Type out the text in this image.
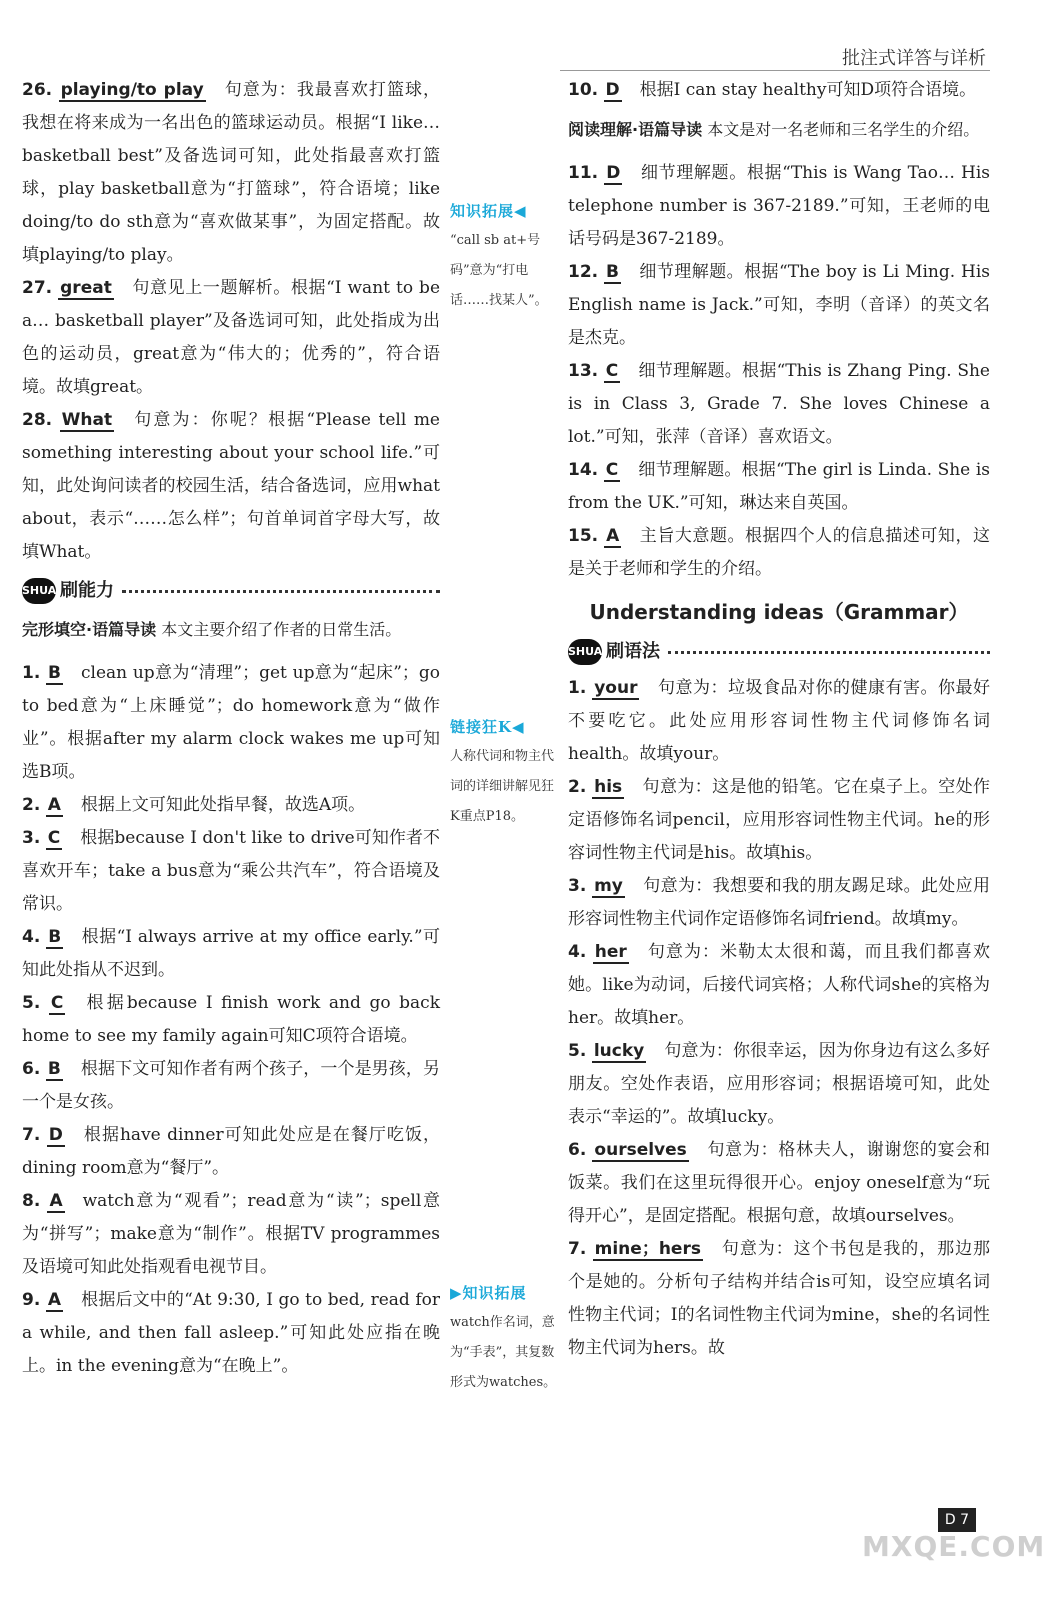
批注式详答与详析

26. playing/to play 句意为：我最喜欢打篮球，我想在将来成为一名出色的篮球运动员。根据“I like… basketball best”及备选词可知，此处指最喜欢打篮球，play basketball意为“打篮球”，符合语境；like doing/to do sth意为“喜欢做某事”，为固定搭配。故填playing/to play。

27. great 句意见上一题解析。根据“I want to be a… basketball player”及备选词可知，此处指成为出色的运动员，great意为“伟大的；优秀的”，符合语境。故填great。

28. What 句意为：你呢？根据“Please tell me something interesting about your school life.”可知，此处询问读者的校园生活，结合备选词，应用what about，表示“……怎么样”；句首单词首字母大写，故填What。

SHUA 刷能力
完形填空·语篇导读 本文主要介绍了作者的日常生活。

1. B clean up意为“清理”；get up意为“起床”；go to bed意为“上床睡觉”；do homework意为“做作业”。根据after my alarm clock wakes me up可知选B项。

2. A 根据上文可知此处指早餐，故选A项。

3. C 根据because I don't like to drive可知作者不喜欢开车；take a bus意为“乘公共汽车”，符合语境及常识。

4. B 根据“I always arrive at my office early.”可知此处指从不迟到。

5. C 根据because I finish work and go back home to see my family again可知C项符合语境。

6. B 根据下文可知作者有两个孩子，一个是男孩，另一个是女孩。

7. D 根据have dinner可知此处应是在餐厅吃饭，dining room意为“餐厅”。

8. A watch意为“观看”；read意为“读”；spell意为“拼写”；make意为“制作”。根据TV programmes及语境可知此处指观看电视节目。

9. A 根据后文中的“At 9:30, I go to bed, read for a while, and then fall asleep.”可知此处应指在晚上。in the evening意为“在晚上”。

知识拓展◀
“call sb at+号码”意为“打电话……找某人”。
链接狂K◀
人称代词和物主代词的详细讲解见狂K重点P18。
▶知识拓展
watch作名词，意为“手表”，其复数形式为watches。

10. D 根据I can stay healthy可知D项符合语境。

阅读理解·语篇导读 本文是对一名老师和三名学生的介绍。

11. D 细节理解题。根据“This is Wang Tao… His telephone number is 367-2189.”可知，王老师的电话号码是367-2189。

12. B 细节理解题。根据“The boy is Li Ming. His English name is Jack.”可知，李明（音译）的英文名是杰克。

13. C 细节理解题。根据“This is Zhang Ping. She is in Class 3, Grade 7. She loves Chinese a lot.”可知，张萍（音译）喜欢语文。

14. C 细节理解题。根据“The girl is Linda. She is from the UK.”可知，琳达来自英国。

15. A 主旨大意题。根据四个人的信息描述可知，这是关于老师和学生的介绍。

Understanding ideas（Grammar）
SHUA 刷语法

1. your 句意为：垃圾食品对你的健康有害。你最好不要吃它。此处应用形容词性物主代词修饰名词health。故填your。

2. his 句意为：这是他的铅笔。它在桌子上。空处作定语修饰名词pencil，应用形容词性物主代词。he的形容词性物主代词是his。故填his。

3. my 句意为：我想要和我的朋友踢足球。此处应用形容词性物主代词作定语修饰名词friend。故填my。

4. her 句意为：米勒太太很和蔼，而且我们都喜欢她。like为动词，后接代词宾格；人称代词she的宾格为her。故填her。

5. lucky 句意为：你很幸运，因为你身边有这么多好朋友。空处作表语，应用形容词；根据语境可知，此处表示“幸运的”。故填lucky。

6. ourselves 句意为：格林夫人，谢谢您的宴会和饭菜。我们在这里玩得很开心。enjoy oneself意为“玩得开心”，是固定搭配。根据句意，故填ourselves。

7. mine；hers 句意为：这个书包是我的，那边那个是她的。分析句子结构并结合is可知，设空应填名词性物主代词；I的名词性物主代词为mine，she的名词性物主代词为hers。故

D 7
MXQE.COM
